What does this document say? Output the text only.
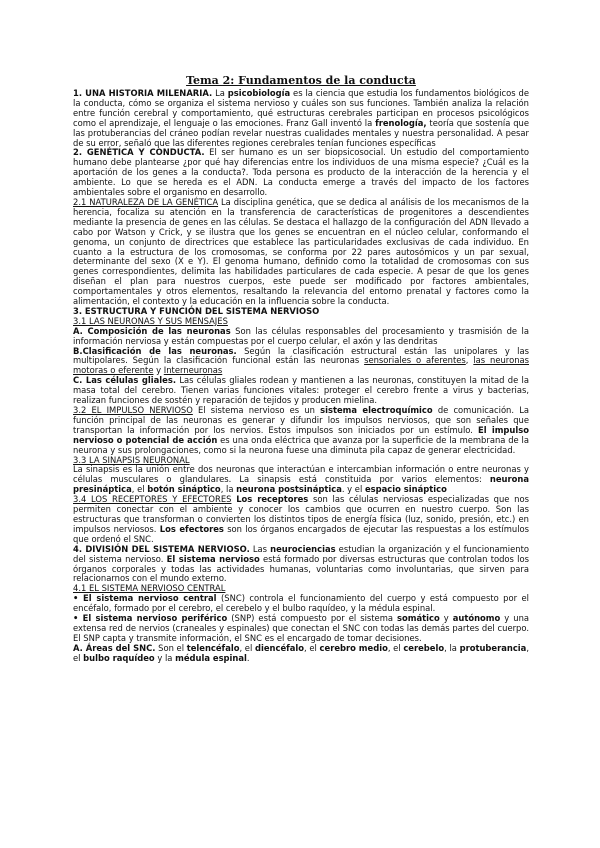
Tema 2: Fundamentos de la conducta

1. UNA HISTORIA MILENARIA. La psicobiología es la ciencia que estudia los fundamentos biológicos de la conducta, cómo se organiza el sistema nervioso y cuáles son sus funciones. También analiza la relación entre función cerebral y comportamiento, qué estructuras cerebrales participan en procesos psicológicos como el aprendizaje, el lenguaje o las emociones. Franz Gall inventó la frenología, teoría que sostenía que las protuberancias del cráneo podían revelar nuestras cualidades mentales y nuestra personalidad. A pesar de su error, señaló que las diferentes regiones cerebrales tenían funciones específicas

2. GENÉTICA Y CONDUCTA. El ser humano es un ser biopsicosocial. Un estudio del comportamiento humano debe plantearse ¿por qué hay diferencias entre los individuos de una misma especie? ¿Cuál es la aportación de los genes a la conducta?. Toda persona es producto de la interacción de la herencia y el ambiente. Lo que se hereda es el ADN. La conducta emerge a través del impacto de los factores ambientales sobre el organismo en desarrollo.

2.1 NATURALEZA DE LA GENÉTICA La disciplina genética, que se dedica al análisis de los mecanismos de la herencia, focaliza su atención en la transferencia de características de progenitores a descendientes mediante la presencia de genes en las células. Se destaca el hallazgo de la configuración del ADN llevado a cabo por Watson y Crick, y se ilustra que los genes se encuentran en el núcleo celular, conformando el genoma, un conjunto de directrices que establece las particularidades exclusivas de cada individuo. En cuanto a la estructura de los cromosomas, se conforma por 22 pares autosómicos y un par sexual, determinante del sexo (X e Y). El genoma humano, definido como la totalidad de cromosomas con sus genes correspondientes, delimita las habilidades particulares de cada especie. A pesar de que los genes diseñan el plan para nuestros cuerpos, este puede ser modificado por factores ambientales, comportamentales y otros elementos, resaltando la relevancia del entorno prenatal y factores como la alimentación, el contexto y la educación en la influencia sobre la conducta.

3. ESTRUCTURA Y FUNCIÓN DEL SISTEMA NERVIOSO

3.1 LAS NEURONAS Y SUS MENSAJES

A. Composición de las neuronas Son las células responsables del procesamiento y trasmisión de la información nerviosa y están compuestas por el cuerpo celular, el axón y las dendritas

B.Clasificación de las neuronas. Según la clasificación estructural están las unipolares y las multipolares. Según la clasificación funcional están las neuronas sensoriales o aferentes, las neuronas motoras o eferente y Interneuronas

C. Las células gliales. Las células gliales rodean y mantienen a las neuronas, constituyen la mitad de la masa total del cerebro. Tienen varias funciones vitales: proteger el cerebro frente a virus y bacterias, realizan funciones de sostén y reparación de tejidos y producen mielina.

3.2 EL IMPULSO NERVIOSO El sistema nervioso es un sistema electroquímico de comunicación. La función principal de las neuronas es generar y difundir los impulsos nerviosos, que son señales que transportan la información por los nervios. Estos impulsos son iniciados por un estímulo. El impulso nervioso o potencial de acción es una onda eléctrica que avanza por la superficie de la membrana de la neurona y sus prolongaciones, como si la neurona fuese una diminuta pila capaz de generar electricidad.

3.3 LA SINAPSIS NEURONAL

La sinapsis es la unión entre dos neuronas que interactúan e intercambian información o entre neuronas y células musculares o glandulares. La sinapsis está constituida por varios elementos: neurona presináptica, el botón sináptico, la neurona postsináptica. y el espacio sináptico

3.4 LOS RECEPTORES Y EFECTORES Los receptores son las células nerviosas especializadas que nos permiten conectar con el ambiente y conocer los cambios que ocurren en nuestro cuerpo. Son las estructuras que transforman o convierten los distintos tipos de energía física (luz, sonido, presión, etc.) en impulsos nerviosos. Los efectores son los órganos encargados de ejecutar las respuestas a los estímulos que ordenó el SNC.

4. DIVISIÓN DEL SISTEMA NERVIOSO. Las neurociencias estudian la organización y el funcionamiento del sistema nervioso. El sistema nervioso está formado por diversas estructuras que controlan todos los órganos corporales y todas las actividades humanas, voluntarias como involuntarias, que sirven para relacionarnos con el mundo externo.

4.1 EL SISTEMA NERVIOSO CENTRAL

• El sistema nervioso central (SNC) controla el funcionamiento del cuerpo y está compuesto por el encéfalo, formado por el cerebro, el cerebelo y el bulbo raquídeo, y la médula espinal.

• El sistema nervioso periférico (SNP) está compuesto por el sistema somático y autónomo y una extensa red de nervios (craneales y espinales) que conectan el SNC con todas las demás partes del cuerpo. El SNP capta y transmite información, el SNC es el encargado de tomar decisiones.

A. Áreas del SNC. Son el telencéfalo, el diencéfalo, el cerebro medio, el cerebelo, la protuberancia, el bulbo raquídeo y la médula espinal.
